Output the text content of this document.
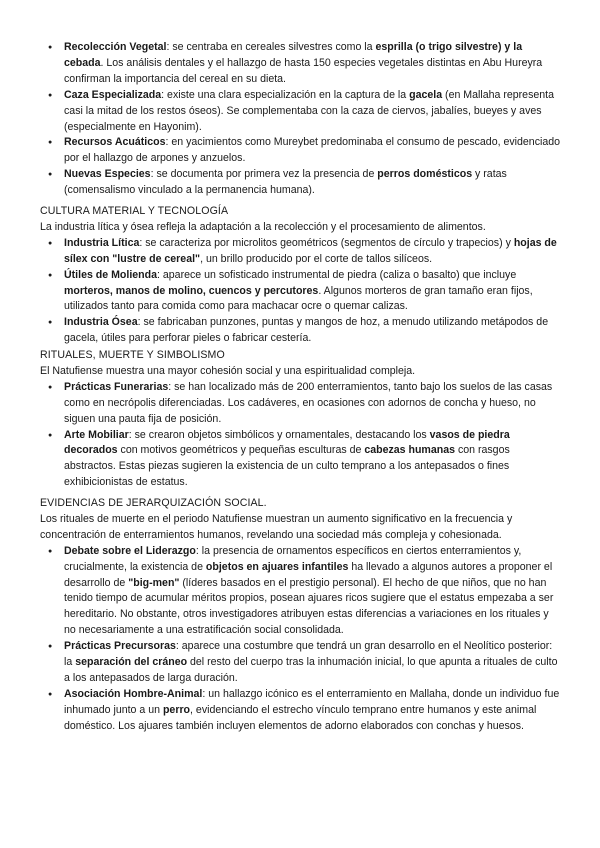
● Recolección Vegetal: se centraba en cereales silvestres como la esprilla (o trigo silvestre) y la cebada. Los análisis dentales y el hallazgo de hasta 150 especies vegetales distintas en Abu Hureyra confirman la importancia del cereal en su dieta.
● Caza Especializada: existe una clara especialización en la captura de la gacela (en Mallaha representa casi la mitad de los restos óseos). Se complementaba con la caza de ciervos, jabalíes, bueyes y aves (especialmente en Hayonim).
● Recursos Acuáticos: en yacimientos como Mureybet predominaba el consumo de pescado, evidenciado por el hallazgo de arpones y anzuelos.
● Nuevas Especies: se documenta por primera vez la presencia de perros domésticos y ratas (comensalismo vinculado a la permanencia humana).

CULTURA MATERIAL Y TECNOLOGÍA

La industria lítica y ósea refleja la adaptación a la recolección y el procesamiento de alimentos.

● Industria Lítica: se caracteriza por microlitos geométricos (segmentos de círculo y trapecios) y hojas de sílex con "lustre de cereal", un brillo producido por el corte de tallos silíceos.
● Útiles de Molienda: aparece un sofisticado instrumental de piedra (caliza o basalto) que incluye morteros, manos de molino, cuencos y percutores. Algunos morteros de gran tamaño eran fijos, utilizados tanto para comida como para machacar ocre o quemar calizas.
● Industria Ósea: se fabricaban punzones, puntas y mangos de hoz, a menudo utilizando metápodos de gacela, útiles para perforar pieles o fabricar cestería.

RITUALES, MUERTE Y SIMBOLISMO

El Natufiense muestra una mayor cohesión social y una espiritualidad compleja.

● Prácticas Funerarias: se han localizado más de 200 enterramientos, tanto bajo los suelos de las casas como en necrópolis diferenciadas. Los cadáveres, en ocasiones con adornos de concha y hueso, no siguen una pauta fija de posición.
● Arte Mobiliar: se crearon objetos simbólicos y ornamentales, destacando los vasos de piedra decorados con motivos geométricos y pequeñas esculturas de cabezas humanas con rasgos abstractos. Estas piezas sugieren la existencia de un culto temprano a los antepasados o fines exhibicionistas de estatus.

EVIDENCIAS DE JERARQUIZACIÓN SOCIAL.

Los rituales de muerte en el periodo Natufiense muestran un aumento significativo en la frecuencia y concentración de enterramientos humanos, revelando una sociedad más compleja y cohesionada.

● Debate sobre el Liderazgo: la presencia de ornamentos específicos en ciertos enterramientos y, crucialmente, la existencia de objetos en ajuares infantiles ha llevado a algunos autores a proponer el desarrollo de "big-men" (líderes basados en el prestigio personal). El hecho de que niños, que no han tenido tiempo de acumular méritos propios, posean ajuares ricos sugiere que el estatus empezaba a ser hereditario. No obstante, otros investigadores atribuyen estas diferencias a variaciones en los rituales y no necesariamente a una estratificación social consolidada.
● Prácticas Precursoras: aparece una costumbre que tendrá un gran desarrollo en el Neolítico posterior: la separación del cráneo del resto del cuerpo tras la inhumación inicial, lo que apunta a rituales de culto a los antepasados de larga duración.
● Asociación Hombre-Animal: un hallazgo icónico es el enterramiento en Mallaha, donde un individuo fue inhumado junto a un perro, evidenciando el estrecho vínculo temprano entre humanos y este animal doméstico. Los ajuares también incluyen elementos de adorno elaborados con conchas y huesos.
